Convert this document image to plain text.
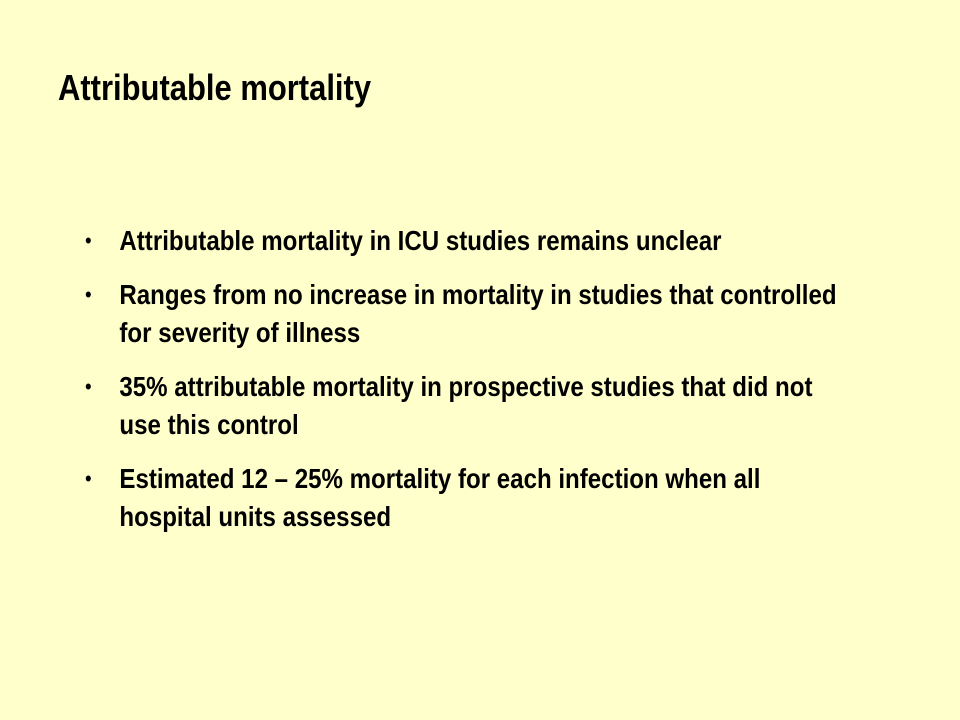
Attributable mortality
• Attributable mortality in ICU studies remains unclear
• Ranges from no increase in mortality in studies that controlled for severity of illness
• 35% attributable mortality in prospective studies that did not use this control
• Estimated 12 – 25% mortality for each infection when all hospital units assessed
